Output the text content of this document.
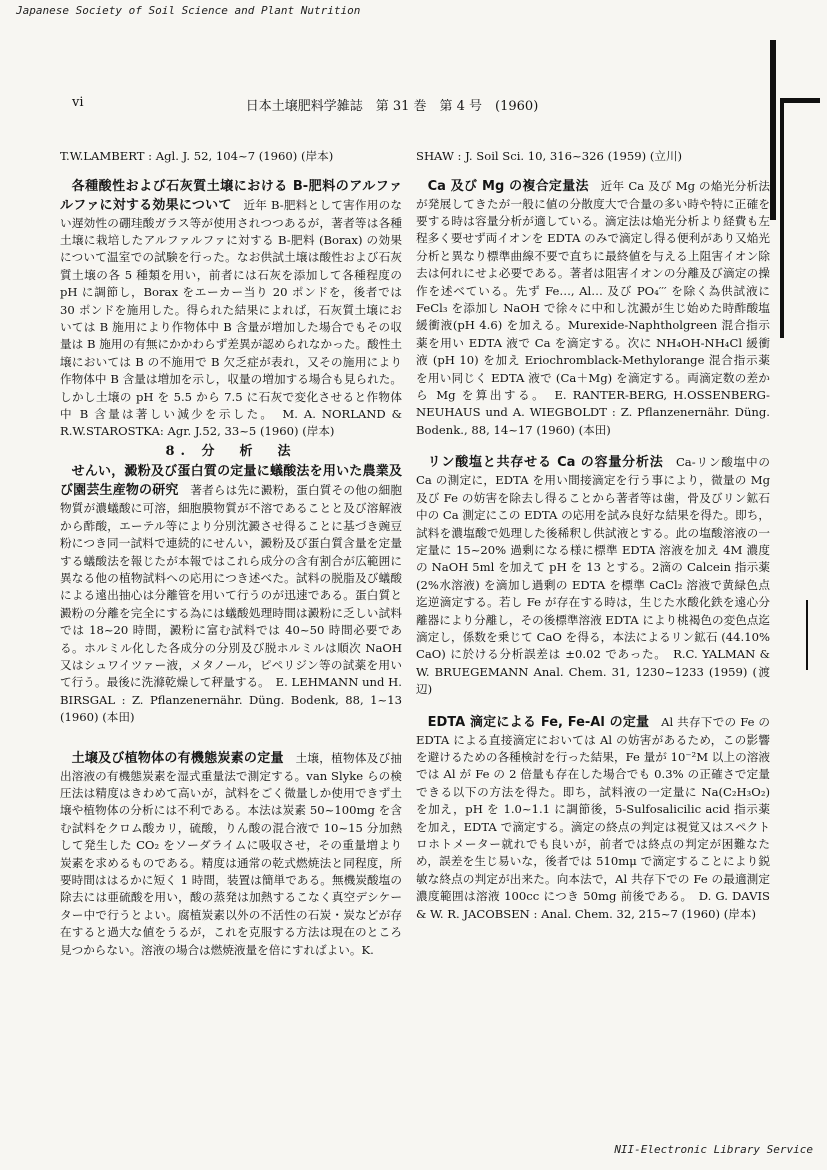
Japanese Society of Soil Science and Plant Nutrition
vi	日本土壌肥料学雑誌　第 31 巻　第 4 号　(1960)

T.W.LAMBERT : Agl. J. 52, 104~7 (1960) (岸本)

各種酸性および石灰質土壌における B-肥料のアルファルファに対する効果について　 近年 B-肥料として害作用のない遅効性の硼珪酸ガラス等が使用されつつあるが，著者等は各種土壌に栽培したアルファルファに対する B-肥料 (Borax) の効果について温室での試験を行った。なお供試土壌は酸性および石灰質土壌の各 5 種類を用い，前者には石灰を添加して各種程度の pH に調節し，Borax をエーカー当り 20 ポンドを，後者では 30 ポンドを施用した。得られた結果によれば，石灰質土壌においては B 施用により作物体中 B 含量が増加した場合でもその収量は B 施用の有無にかかわらず差異が認められなかった。酸性土壌においては B の不施用で B 欠乏症が表れ，又その施用により作物体中 B 含量は増加を示し，収量の増加する場合も見られた。しかし土壌の pH を 5.5 から 7.5 に石灰で変化させると作物体中 B 含量は著しい減少を示した。　 M. A. NORLAND & R.W.STAROSTKA: Agr. J.52, 33~5 (1960) (岸本)

8. 分　析　法

せんい，澱粉及び蛋白質の定量に蟻酸法を用いた農業及び園芸生産物の研究　 著者らは先に澱粉，蛋白質その他の細胞物質が濃蟻酸に可溶，細胞膜物質が不溶であることと及び溶解液から酢酸，エーテル等により分別沈澱させ得ることに基づき豌豆粉につき同一試料で連続的にせんい，澱粉及び蛋白質含量を定量する蟻酸法を報じたが本報ではこれら成分の含有割合が広範囲に異なる他の植物試料への応用につき述べた。試料の脱脂及び蟻酸による遠出抽心は分離管を用いて行うのが迅速である。蛋白質と澱粉の分離を完全にする為には蟻酸処理時間は澱粉に乏しい試料では 18~20 時間，澱粉に富む試料では 40~50 時間必要である。ホルミル化した各成分の分別及び脱ホルミルは順次 NaOH 又はシュワイツァー液，メタノール，ピペリジン等の試薬を用いて行う。最後に洗滌乾燥して秤量する。　 E. LEHMANN und H. BIRSGAL : Z. Pflanzenernähr. Düng. Bodenk, 88, 1~13 (1960) (本田)

土壌及び植物体の有機態炭素の定量　 土壌，植物体及び抽出溶液の有機態炭素を湿式重量法で測定する。van Slyke らの検圧法は精度はきわめて高いが，試料をごく微量しか使用できず土壌や植物体の分析には不利である。本法は炭素 50~100mg を含む試料をクロム酸カリ，硫酸，りん酸の混合液で 10~15 分加熱して発生した CO₂ をソーダライムに吸収させ，その重量増より炭素を求めるものである。精度は通常の乾式燃焼法と同程度，所要時間ははるかに短く 1 時間，装置は簡単である。無機炭酸塩の除去には亜硫酸を用い，酸の蒸発は加熱するこなく真空デシケーター中で行うとよい。腐植炭素以外の不活性の石炭・炭などが存在すると過大な値をうるが，これを克服する方法は現在のところ見つからない。溶液の場合は燃焼液量を倍にすればよい。K.

SHAW : J. Soil Sci. 10, 316~326 (1959) (立川)

Ca 及び Mg の複合定量法　 近年 Ca 及び Mg の焔光分析法が発展してきたが一般に値の分散度大で合量の多い時や特に正確を要する時は容量分析が適している。滴定法は焔光分析より経費も左程多く要せず両イオンを EDTA のみで滴定し得る便利があり又焔光分析と異なり標準曲線不要で直ちに最終値を与える上阻害イオン除去は何れにせよ必要である。著者は阻害イオンの分離及び滴定の操作を述べている。先ず Fe…, Al… 及び PO₄′′′ を除く為供試液に FeCl₃ を添加し NaOH で徐々に中和し沈澱が生じ始めた時酢酸塩緩衝液(pH 4.6) を加える。Murexide-Naphtholgreen 混合指示薬を用い EDTA 液で Ca を滴定する。次に NH₄OH-NH₄Cl 緩衝液 (pH 10) を加え Eriochromblack-Methylorange 混合指示薬を用い同じく EDTA 液で (Ca＋Mg) を滴定する。両滴定数の差から Mg を算出する。　 E. RANTER-BERG, H.OSSENBERG-NEUHAUS und A. WIEGBOLDT : Z. Pflanzenernähr. Düng. Bodenk., 88, 14~17 (1960) (本田)

リン酸塩と共存せる Ca の容量分析法　 Ca-リン酸塩中の Ca の測定に，EDTA を用い間接滴定を行う事により，微量の Mg 及び Fe の妨害を除去し得ることから著者等は歯，骨及びリン鉱石中の Ca 測定にこの EDTA の応用を試み良好な結果を得た。即ち，試料を濃塩酸で処理した後稀釈し供試液とする。此の塩酸溶液の一定量に 15~20% 過剰になる様に標準 EDTA 溶液を加え 4M 濃度の NaOH 5ml を加えて pH を 13 とする。2滴の Calcein 指示薬 (2%水溶液) を滴加し過剰の EDTA を標準 CaCl₂ 溶液で黄緑色点迄逆滴定する。若し Fe が存在する時は，生じた水酸化鉄を遠心分離器により分離し，その後標準溶液 EDTA により桃褐色の変色点迄滴定し，係数を乗じて CaO を得る，本法によるリン鉱石 (44.10% CaO) に於ける分析誤差は ±0.02 であった。　 R.C. YALMAN & W. BRUEGEMANN Anal. Chem. 31, 1230~1233 (1959) (渡辺)

EDTA 滴定による Fe, Fe-Al の定量　 Al 共存下での Fe の EDTA による直接滴定においては Al の妨害があるため，この影響を避けるための各種検討を行った結果，Fe 量が 10⁻²M 以上の溶液では Al が Fe の 2 倍量も存在した場合でも 0.3% の正確さで定量できる以下の方法を得た。即ち，試料液の一定量に Na(C₂H₃O₂) を加え，pH を 1.0~1.1 に調節後，5-Sulfosalicilic acid 指示薬を加え，EDTA で滴定する。滴定の終点の判定は視覚又はスペクトロホトメーター就れでも良いが，前者では終点の判定が困難なため，誤差を生じ易いな，後者では 510mμ で滴定することにより鋭敏な終点の判定が出来た。向本法で，Al 共存下での Fe の最適測定濃度範囲は溶液 100cc につき 50mg 前後である。　 D. G. DAVIS & W. R. JACOBSEN : Anal. Chem. 32, 215~7 (1960) (岸本)

NII-Electronic Library Service
